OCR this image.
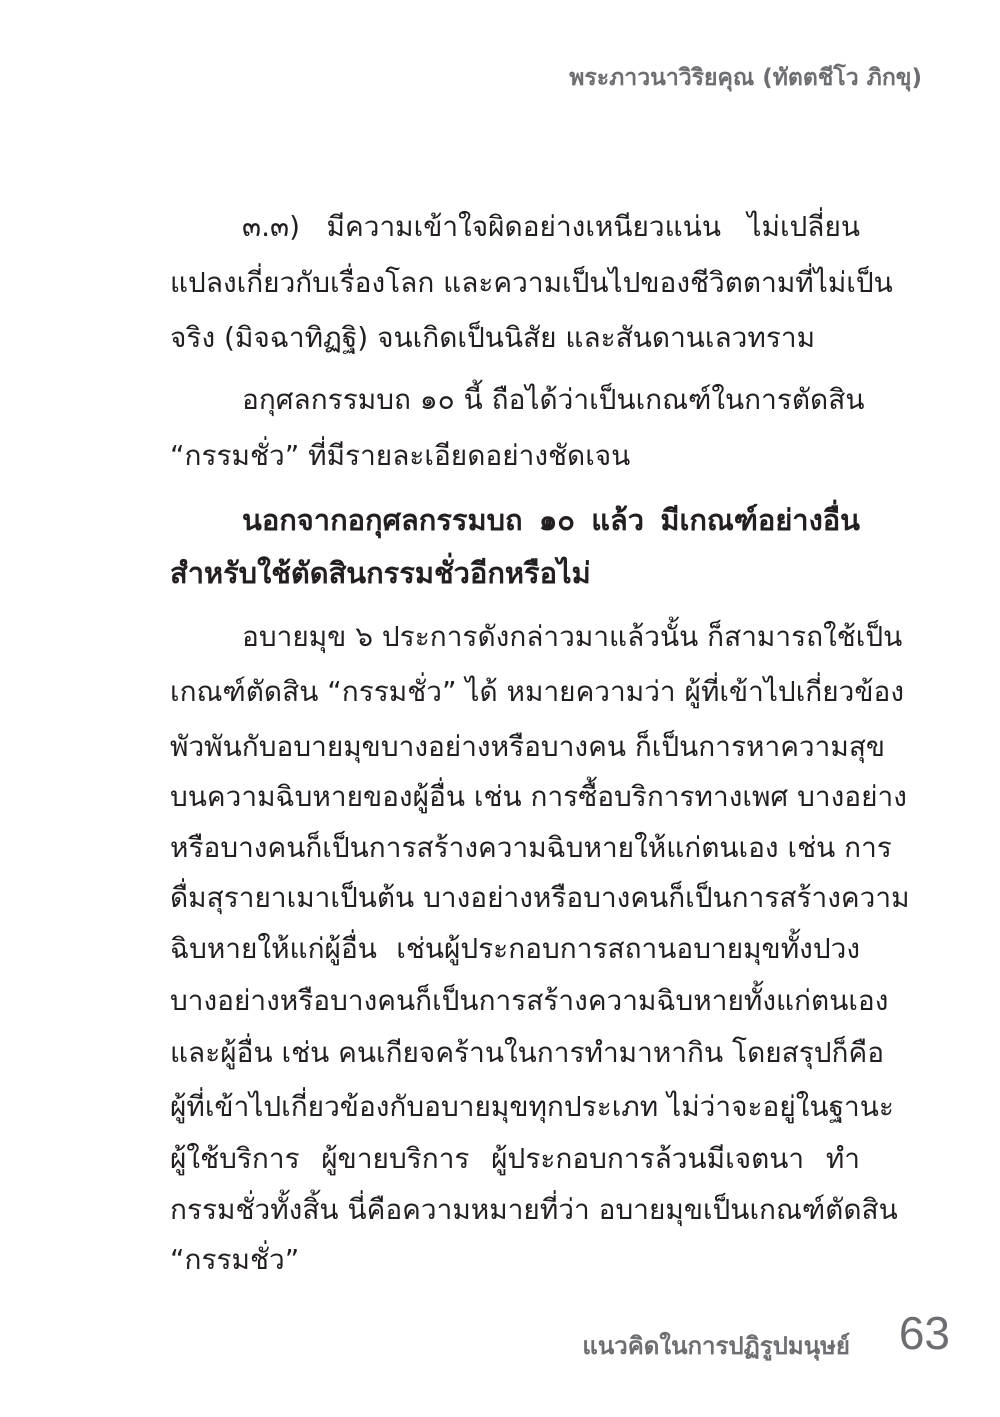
พระภาวนาวิริยคุณ (ทัตตชีโว ภิกขุ)
๓.๓) มีความเข้าใจผิดอย่างเหนียวแน่น ไม่เปลี่ยน
แปลงเกี่ยวกับเรื่องโลก และความเป็นไปของชีวิตตามที่ไม่เป็น
จริง (มิจฉาทิฏฐิ) จนเกิดเป็นนิสัย และสันดานเลวทราม
อกุศลกรรมบถ ๑๐ นี้ ถือได้ว่าเป็นเกณฑ์ในการตัดสิน
“กรรมชั่ว” ที่มีรายละเอียดอย่างชัดเจน
นอกจากอกุศลกรรมบถ ๑๐ แล้ว มีเกณฑ์อย่างอื่น
สำหรับใช้ตัดสินกรรมชั่วอีกหรือไม่
อบายมุข ๖ ประการดังกล่าวมาแล้วนั้น ก็สามารถใช้เป็น
เกณฑ์ตัดสิน “กรรมชั่ว” ได้ หมายความว่า ผู้ที่เข้าไปเกี่ยวข้อง
พัวพันกับอบายมุขบางอย่างหรือบางคน ก็เป็นการหาความสุข
บนความฉิบหายของผู้อื่น เช่น การซื้อบริการทางเพศ บางอย่าง
หรือบางคนก็เป็นการสร้างความฉิบหายให้แก่ตนเอง เช่น การ
ดื่มสุรายาเมาเป็นต้น บางอย่างหรือบางคนก็เป็นการสร้างความ
ฉิบหายให้แก่ผู้อื่น เช่นผู้ประกอบการสถานอบายมุขทั้งปวง
บางอย่างหรือบางคนก็เป็นการสร้างความฉิบหายทั้งแก่ตนเอง
และผู้อื่น เช่น คนเกียจคร้านในการทำมาหากิน โดยสรุปก็คือ
ผู้ที่เข้าไปเกี่ยวข้องกับอบายมุขทุกประเภท ไม่ว่าจะอยู่ในฐานะ
ผู้ใช้บริการ ผู้ขายบริการ ผู้ประกอบการล้วนมีเจตนา ทำ
กรรมชั่วทั้งสิ้น นี่คือความหมายที่ว่า อบายมุขเป็นเกณฑ์ตัดสิน
“กรรมชั่ว”
แนวคิดในการปฏิรูปมนุษย์ 63
